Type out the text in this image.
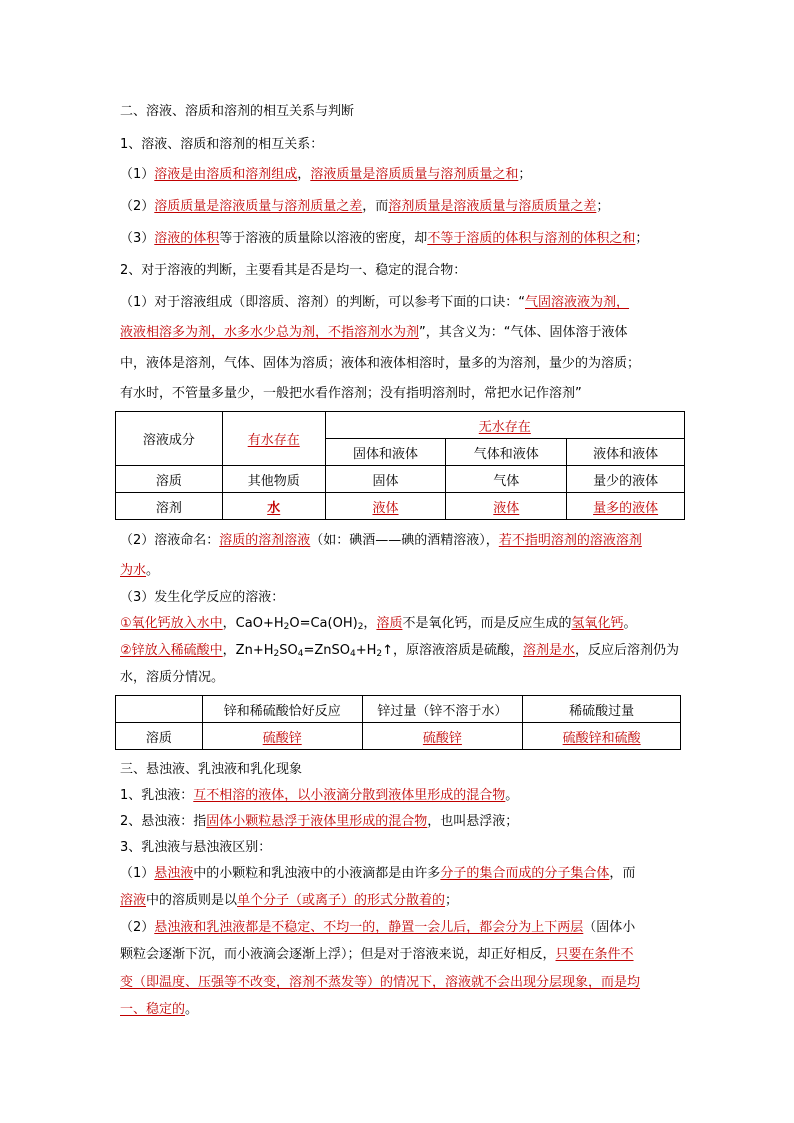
二、溶液、溶质和溶剂的相互关系与判断
1、溶液、溶质和溶剂的相互关系：
（1）溶液是由溶质和溶剂组成，溶液质量是溶质质量与溶剂质量之和；
（2）溶质质量是溶液质量与溶剂质量之差，而溶剂质量是溶液质量与溶质质量之差；
（3）溶液的体积等于溶液的质量除以溶液的密度，却不等于溶质的体积与溶剂的体积之和；
2、对于溶液的判断，主要看其是否是均一、稳定的混合物：
（1）对于溶液组成（即溶质、溶剂）的判断，可以参考下面的口诀：“气固溶液液为剂，
液液相溶多为剂，水多水少总为剂，不指溶剂水为剂”，其含义为：“气体、固体溶于液体
中，液体是溶剂，气体、固体为溶质；液体和液体相溶时，量多的为溶剂，量少的为溶质；
有水时，不管量多量少，一般把水看作溶剂；没有指明溶剂时，常把水记作溶剂”
溶液成分	有水存在	无水存在		
		固体和液体	气体和液体	液体和液体
溶质	其他物质	固体	气体	量少的液体
溶剂	水	液体	液体	量多的液体
（2）溶液命名：溶质的溶剂溶液（如：碘酒——碘的酒精溶液），若不指明溶剂的溶液溶剂
为水。
（3）发生化学反应的溶液：
①氧化钙放入水中，$CaO+H_2O=Ca(OH)_2$，溶质不是氧化钙，而是反应生成的氢氧化钙。
②锌放入稀硫酸中，$Zn+H_2SO_4=ZnSO_4+H_2↑$，原溶液溶质是硫酸，溶剂是水，反应后溶剂仍为
水，溶质分情况。
	锌和稀硫酸恰好反应	锌过量（锌不溶于水）	稀硫酸过量
溶质	硫酸锌	硫酸锌	硫酸锌和硫酸
三、悬浊液、乳浊液和乳化现象
1、乳浊液：互不相溶的液体，以小液滴分散到液体里形成的混合物。
2、悬浊液：指固体小颗粒悬浮于液体里形成的混合物，也叫悬浮液；
3、乳浊液与悬浊液区别：
（1）悬浊液中的小颗粒和乳浊液中的小液滴都是由许多分子的集合而成的分子集合体，而
溶液中的溶质则是以单个分子（或离子）的形式分散着的；
（2）悬浊液和乳浊液都是不稳定、不均一的，静置一会儿后，都会分为上下两层（固体小
颗粒会逐渐下沉，而小液滴会逐渐上浮）；但是对于溶液来说，却正好相反，只要在条件不
变（即温度、压强等不改变，溶剂不蒸发等）的情况下，溶液就不会出现分层现象，而是均
一、稳定的。
